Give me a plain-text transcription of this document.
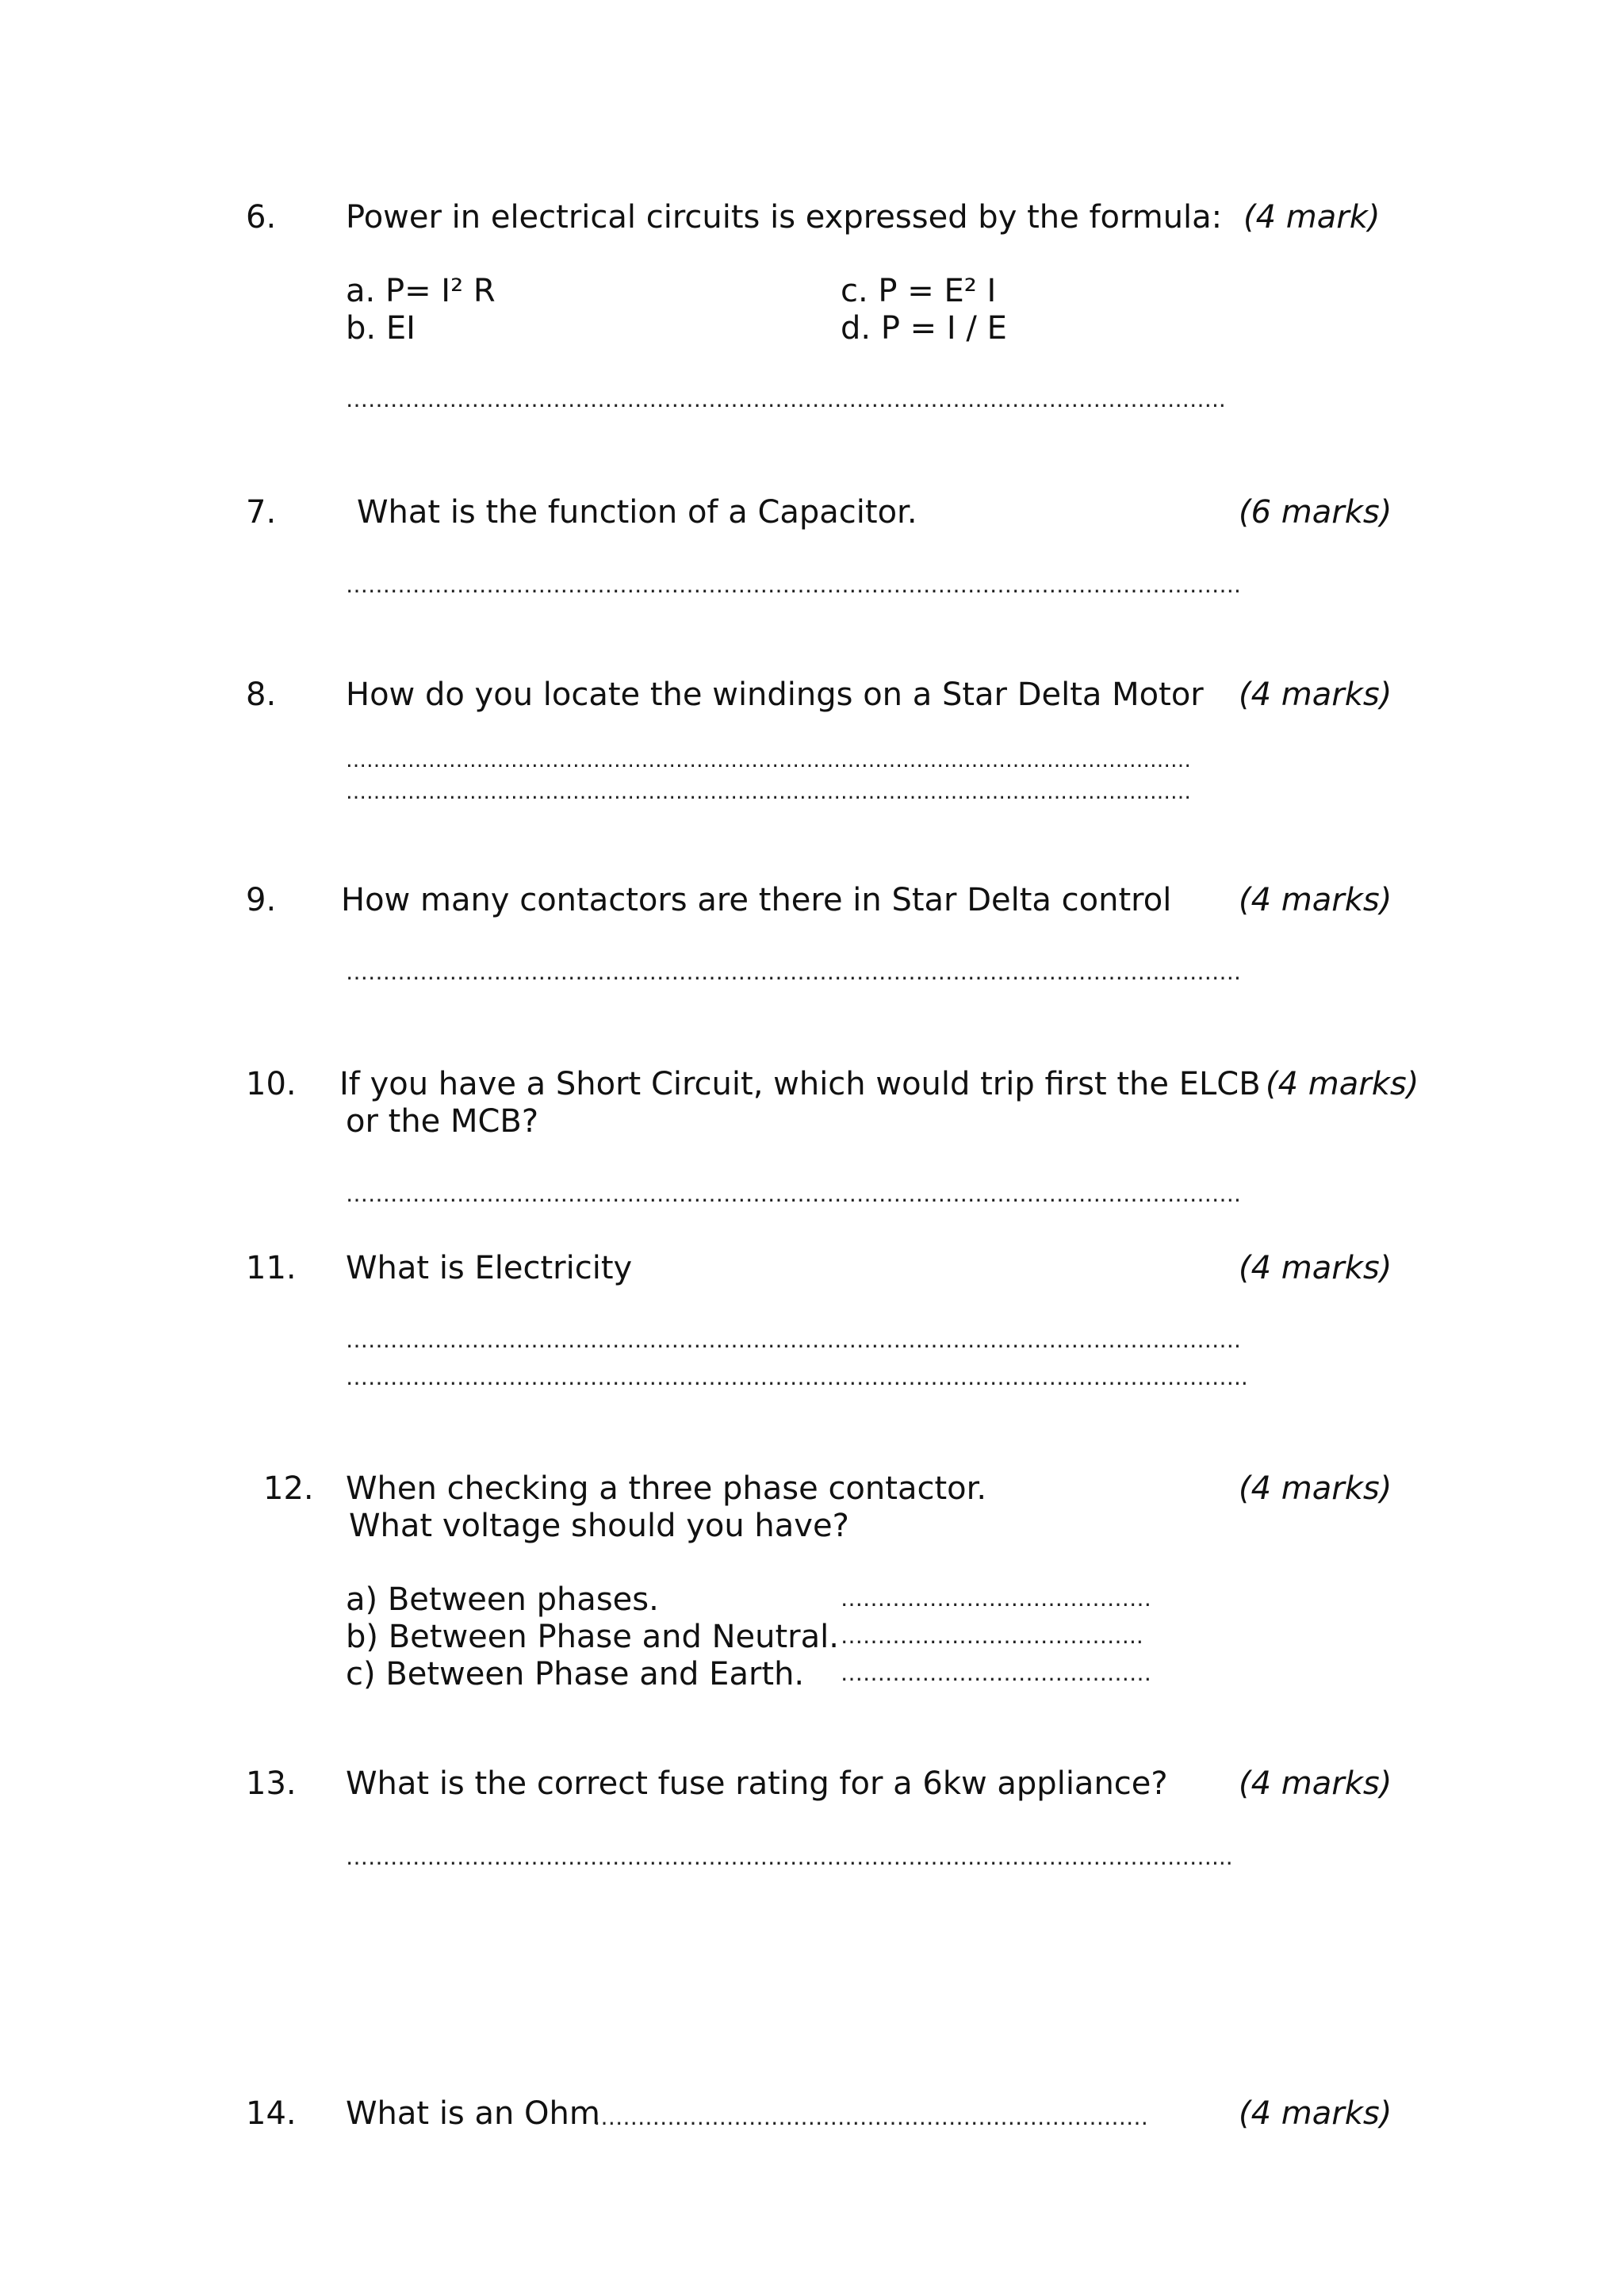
6. Power in electrical circuits is expressed by the formula: (4 mark)
a. P= I² R
b. EI
c. P = E² I
d. P = I / E
………………………………………………………………………………………………………..
7.	What is the function of a Capacitor.	(6 marks)
………………………………………………………………………………………………………….
8. How do you locate the windings on a Star Delta Motor (4 marks)
……………………………………………………………………………………………………………
……………………………………………………………………………………………………………
9. How many contactors are there in Star Delta control (4 marks)
………………………………………………………………………………………………………….
10. If you have a Short Circuit, which would trip first the ELCB
or the MCB?
(4 marks)
………………………………………………………………………………………………………….
11. What is Electricity	(4 marks)
………………………………………………………………………………………………………….
…………………………………………………………………………………………………………..
12. When checking a three phase contactor.
What voltage should you have?
(4 marks)
a) Between phases.	……………………………………
b) Between Phase and Neutral. …………………………………..
c) Between Phase and Earth. ……………………………………
13. What is the correct fuse rating for a 6kw appliance? (4 marks)
………………………………………………………………………………………………………...
14. What is an Ohm
…………………………………………………………………	(4 marks)
